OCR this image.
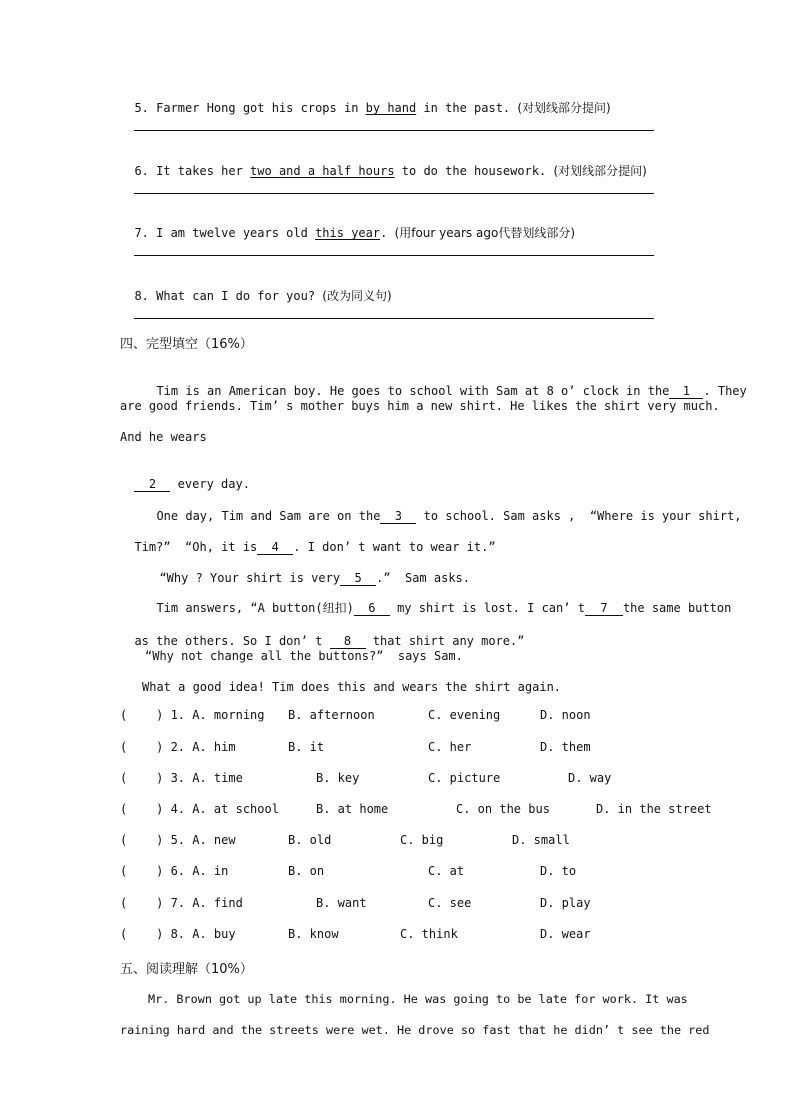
5. Farmer Hong got his crops in by hand in the past. (对划线部分提问)

6. It takes her two and a half hours to do the housework. (对划线部分提问)

7. I am twelve years old this year. (用four years ago代替划线部分)

8. What can I do for you? (改为同义句)

四、完型填空（16%）

Tim is an American boy. He goes to school with Sam at 8 o’ clock in the 1 . They

are good friends. Tim’ s mother buys him a new shirt. He likes the shirt very much.
And he wears

2 every day.

One day, Tim and Sam are on the 3 to school. Sam asks ,  “Where is your shirt,

Tim?”  “Oh, it is 4 . I don’ t want to wear it.”

“Why ? Your shirt is very 5 .”  Sam asks.

Tim answers, “A button(纽扣) 6 my shirt is lost. I can’ t 7 the same button

as the others. So I don’ t 8 that shirt any more.”

“Why not change all the buttons?”  says Sam.
What a good idea! Tim does this and wears the shirt again.
(    ) 1. A. morning B. afternoon	C. evening	D. noon
(    ) 2. A. him	B. it	C. her	D. them
(    ) 3. A. time	B. key	C. picture	D. way
(    ) 4. A. at school	B. at home	C. on the bus	D. in the street
(    ) 5. A. new	B. old	C. big	D. small
(    ) 6. A. in	B. on	C. at	D. to
(    ) 7. A. find	B. want	C. see	D. play
(    ) 8. A. buy	B. know	C. think	D. wear
五、阅读理解（10%）
Mr. Brown got up late this morning. He was going to be late for work. It was
raining hard and the streets were wet. He drove so fast that he didn’ t see the red
